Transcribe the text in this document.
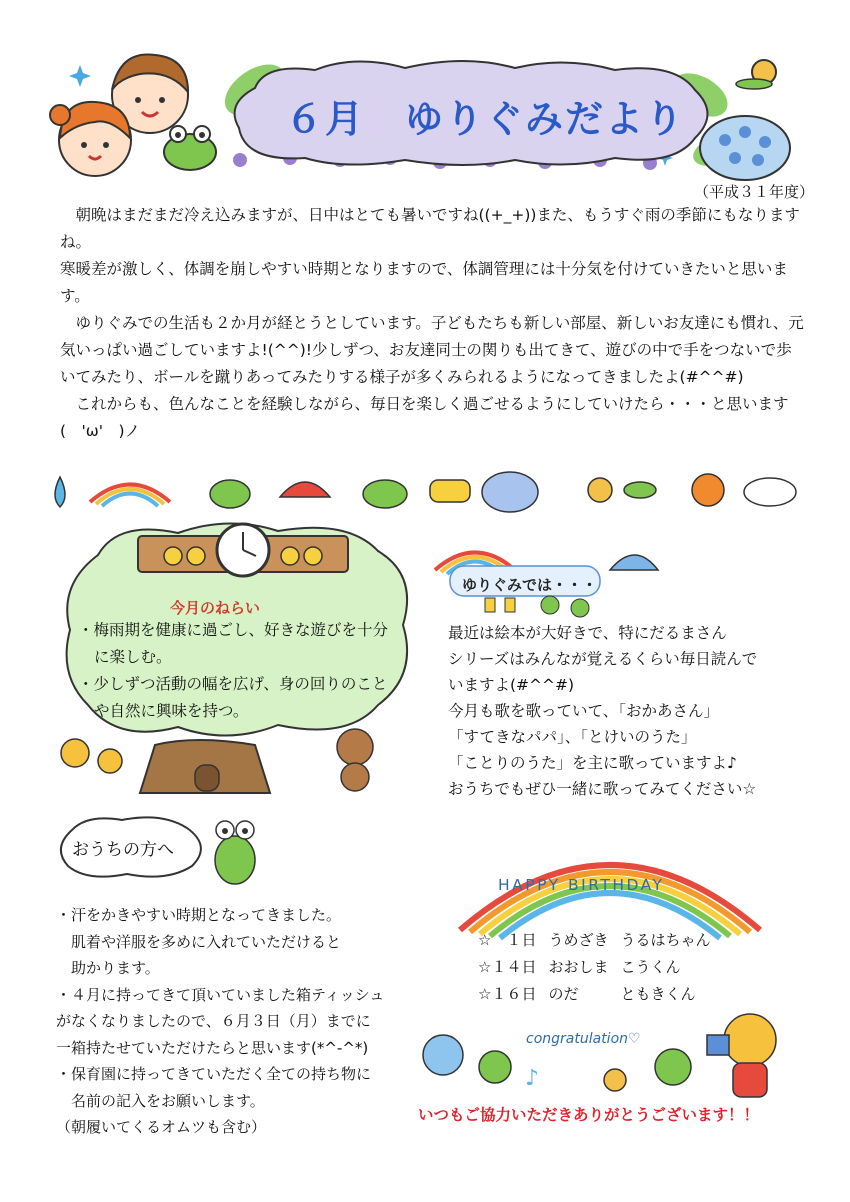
６月　ゆりぐみだより
（平成３１年度）

　朝晩はまだまだ冷え込みますが、日中はとても暑いですね((+_+))また、もうすぐ雨の季節にもなりますね。

寒暖差が激しく、体調を崩しやすい時期となりますので、体調管理には十分気を付けていきたいと思います。

　ゆりぐみでの生活も２か月が経とうとしています。子どもたちも新しい部屋、新しいお友達にも慣れ、元気いっぱい過ごしていますよ!(^^)!少しずつ、お友達同士の関りも出てきて、遊びの中で手をつないで歩いてみたり、ボールを蹴りあってみたりする様子が多くみられるようになってきましたよ(#^^#)

　これからも、色んなことを経験しながら、毎日を楽しく過ごせるようにしていけたら・・・と思います(　'ω'　)ノ

今月のねらい
・梅雨期を健康に過ごし、好きな遊びを十分に楽しむ。
・少しずつ活動の幅を広げ、身の回りのことや自然に興味を持つ。
ゆりぐみでは・・・
最近は絵本が大好きで、特にだるまさん
シリーズはみんなが覚えるくらい毎日読んで
いますよ(#^^#)
今月も歌を歌っていて、「おかあさん」
「すてきなパパ」、「とけいのうた」
「ことりのうた」を主に歌っていますよ♪
おうちでもぜひ一緒に歌ってみてください☆
おうちの方へ
・汗をかきやすい時期となってきました。
　肌着や洋服を多めに入れていただけると
　助かります。
・４月に持ってきて頂いていました箱ティッシュ
がなくなりましたので、６月３日（月）までに
一箱持たせていただけたらと思います(*^-^*)
・保育園に持ってきていただく全ての持ち物に
　名前の記入をお願いします。
（朝履いてくるオムツも含む）
HAPPY BIRTHDAY
☆　１日	うめざき	うるはちゃん
☆１４日	おおしま	こうくん
☆１６日	のだ	ともきくん
congratulation♡
♪
いつもご協力いただきありがとうございます！！
